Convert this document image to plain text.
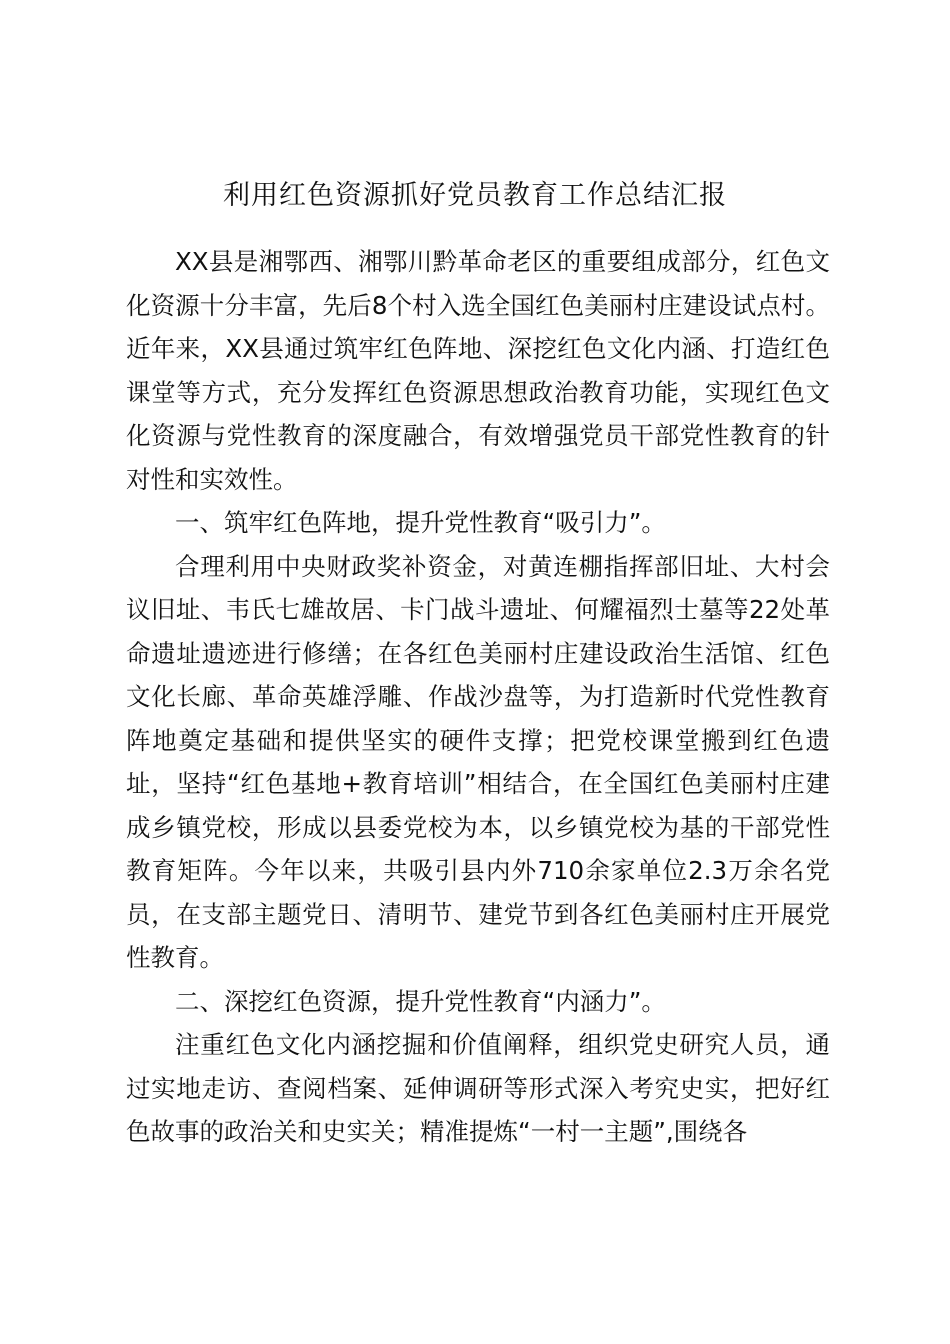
利用红色资源抓好党员教育工作总结汇报

XX县是湘鄂西、湘鄂川黔革命老区的重要组成部分，红色文化资源十分丰富，先后8个村入选全国红色美丽村庄建设试点村。近年来，XX县通过筑牢红色阵地、深挖红色文化内涵、打造红色课堂等方式，充分发挥红色资源思想政治教育功能，实现红色文化资源与党性教育的深度融合，有效增强党员干部党性教育的针对性和实效性。

一、筑牢红色阵地，提升党性教育“吸引力”。

合理利用中央财政奖补资金，对黄连棚指挥部旧址、大村会议旧址、韦氏七雄故居、卡门战斗遗址、何耀福烈士墓等22处革命遗址遗迹进行修缮；在各红色美丽村庄建设政治生活馆、红色文化长廊、革命英雄浮雕、作战沙盘等，为打造新时代党性教育阵地奠定基础和提供坚实的硬件支撑；把党校课堂搬到红色遗址，坚持“红色基地+教育培训”相结合，在全国红色美丽村庄建成乡镇党校，形成以县委党校为本，以乡镇党校为基的干部党性教育矩阵。今年以来，共吸引县内外710余家单位2.3万余名党员，在支部主题党日、清明节、建党节到各红色美丽村庄开展党性教育。

二、深挖红色资源，提升党性教育“内涵力”。

注重红色文化内涵挖掘和价值阐释，组织党史研究人员，通过实地走访、查阅档案、延伸调研等形式深入考究史实，把好红色故事的政治关和史实关；精准提炼“一村一主题”,围绕各
